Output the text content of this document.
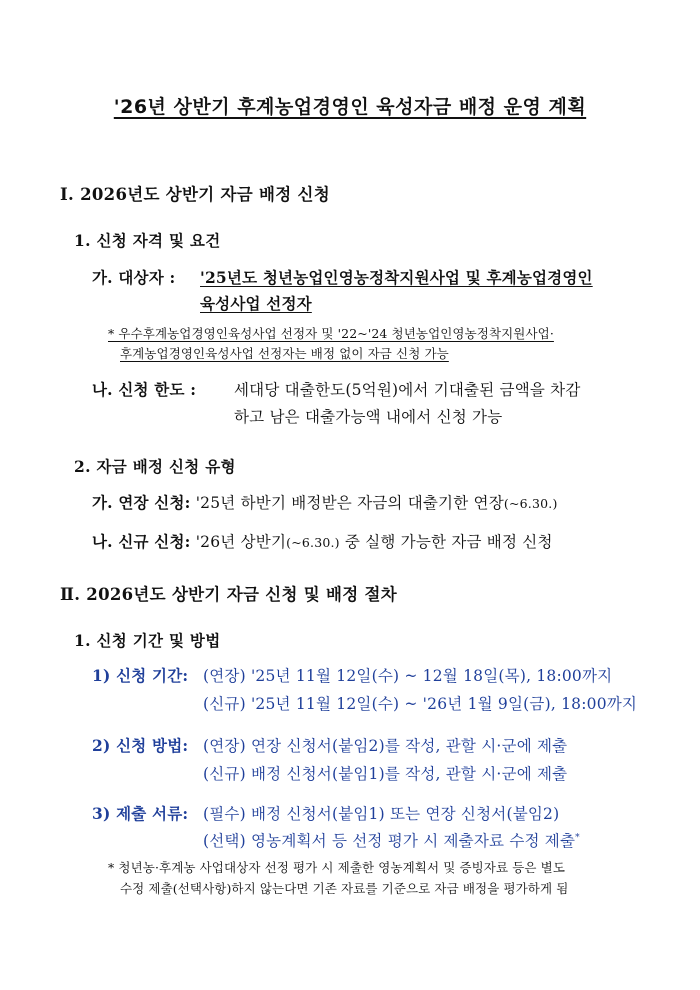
'26년 상반기 후계농업경영인 육성자금 배정 운영 계획
Ⅰ. 2026년도 상반기 자금 배정 신청
1. 신청 자격 및 요건
가. 대상자 : '25년도 청년농업인영농정착지원사업 및 후계농업경영인
육성사업 선정자
* 우수후계농업경영인육성사업 선정자 및 '22~'24 청년농업인영농정착지원사업·
후계농업경영인육성사업 선정자는 배정 없이 자금 신청 가능
나. 신청 한도 : 세대당 대출한도(5억원)에서 기대출된 금액을 차감
하고 남은 대출가능액 내에서 신청 가능
2. 자금 배정 신청 유형
가. 연장 신청: '25년 하반기 배정받은 자금의 대출기한 연장(~6.30.)
나. 신규 신청: '26년 상반기(~6.30.) 중 실행 가능한 자금 배정 신청
Ⅱ. 2026년도 상반기 자금 신청 및 배정 절차
1. 신청 기간 및 방법
1) 신청 기간: (연장) '25년 11월 12일(수) ~ 12월 18일(목), 18:00까지
(신규) '25년 11월 12일(수) ~ '26년 1월 9일(금), 18:00까지
2) 신청 방법: (연장) 연장 신청서(붙임2)를 작성, 관할 시·군에 제출
(신규) 배정 신청서(붙임1)를 작성, 관할 시·군에 제출
3) 제출 서류: (필수) 배정 신청서(붙임1) 또는 연장 신청서(붙임2)
(선택) 영농계획서 등 선정 평가 시 제출자료 수정 제출*
* 청년농·후계농 사업대상자 선정 평가 시 제출한 영농계획서 및 증빙자료 등은 별도
수정 제출(선택사항)하지 않는다면 기존 자료를 기준으로 자금 배정을 평가하게 됨
